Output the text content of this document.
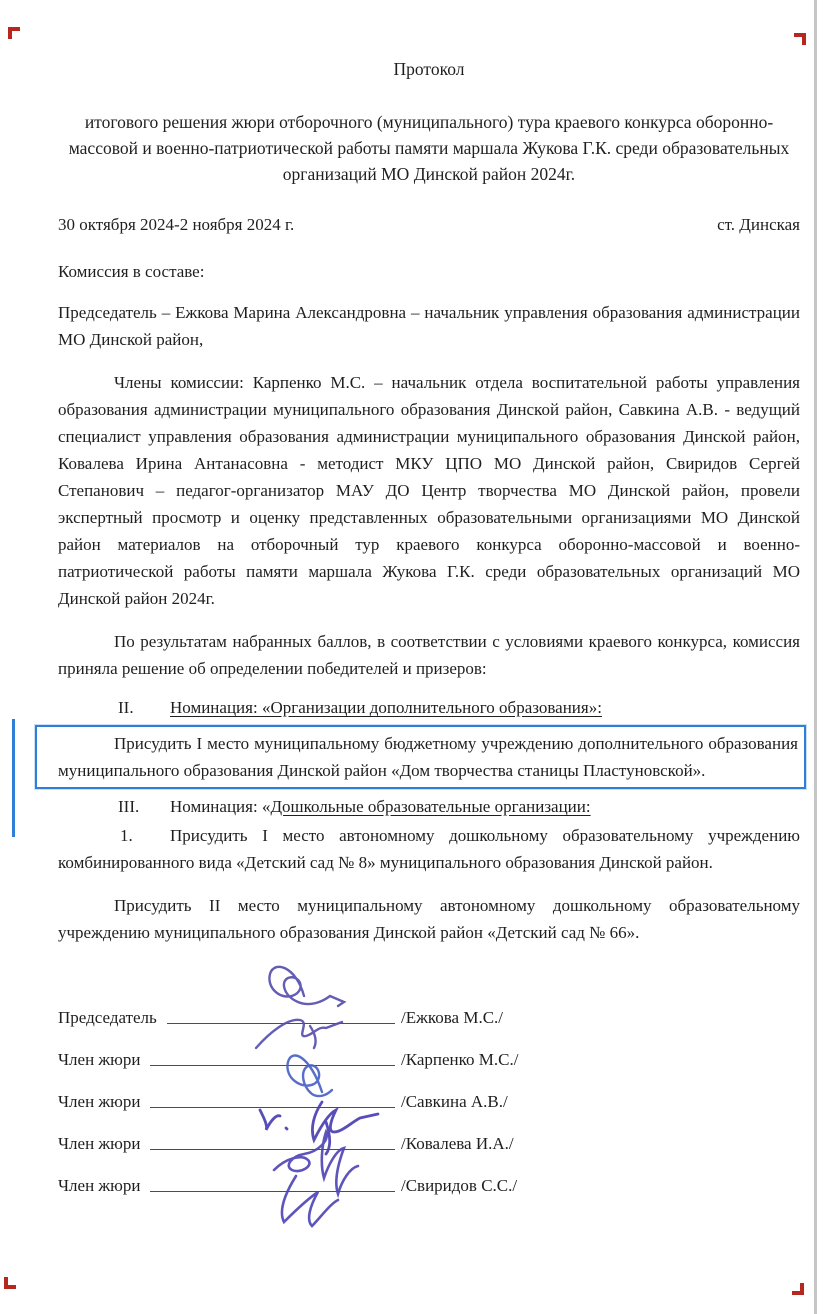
Протокол

итогового решения жюри отборочного (муниципального) тура краевого конкурса оборонно-массовой и военно-патриотической работы памяти маршала Жукова Г.К. среди образовательных организаций МО Динской район 2024г.

30 октября 2024-2 ноября 2024 г.	ст. Динская

Комиссия в составе:

Председатель – Ежкова Марина Александровна – начальник управления образования администрации МО Динской район,

Члены комиссии: Карпенко М.С. – начальник отдела воспитательной работы управления образования администрации муниципального образования Динской район, Савкина А.В. - ведущий специалист управления образования администрации муниципального образования Динской район, Ковалева Ирина Антанасовна - методист МКУ ЦПО МО Динской район, Свиридов Сергей Степанович – педагог-организатор МАУ ДО Центр творчества МО Динской район, провели экспертный просмотр и оценку представленных образовательными организациями МО Динской район материалов на отборочный тур краевого конкурса оборонно-массовой и военно-патриотической работы памяти маршала Жукова Г.К. среди образовательных организаций МО Динской район 2024г.

По результатам набранных баллов, в соответствии с условиями краевого конкурса, комиссия приняла решение об определении победителей и призеров:

II. Номинация: «Организации дополнительного образования»:

Присудить I место муниципальному бюджетному учреждению дополнительного образования муниципального образования Динской район «Дом творчества станицы Пластуновской».

III. Номинация: «Дошкольные образовательные организации:

1. Присудить I место автономному дошкольному образовательному учреждению комбинированного вида «Детский сад № 8» муниципального образования Динской район.

Присудить II место муниципальному автономному дошкольному образовательному учреждению муниципального образования Динской район «Детский сад № 66».

Председатель	/Ежкова М.С./
Член жюри	/Карпенко М.С./
Член жюри	/Савкина А.В./
Член жюри	/Ковалева И.А./
Член жюри	/Свиридов С.С./
